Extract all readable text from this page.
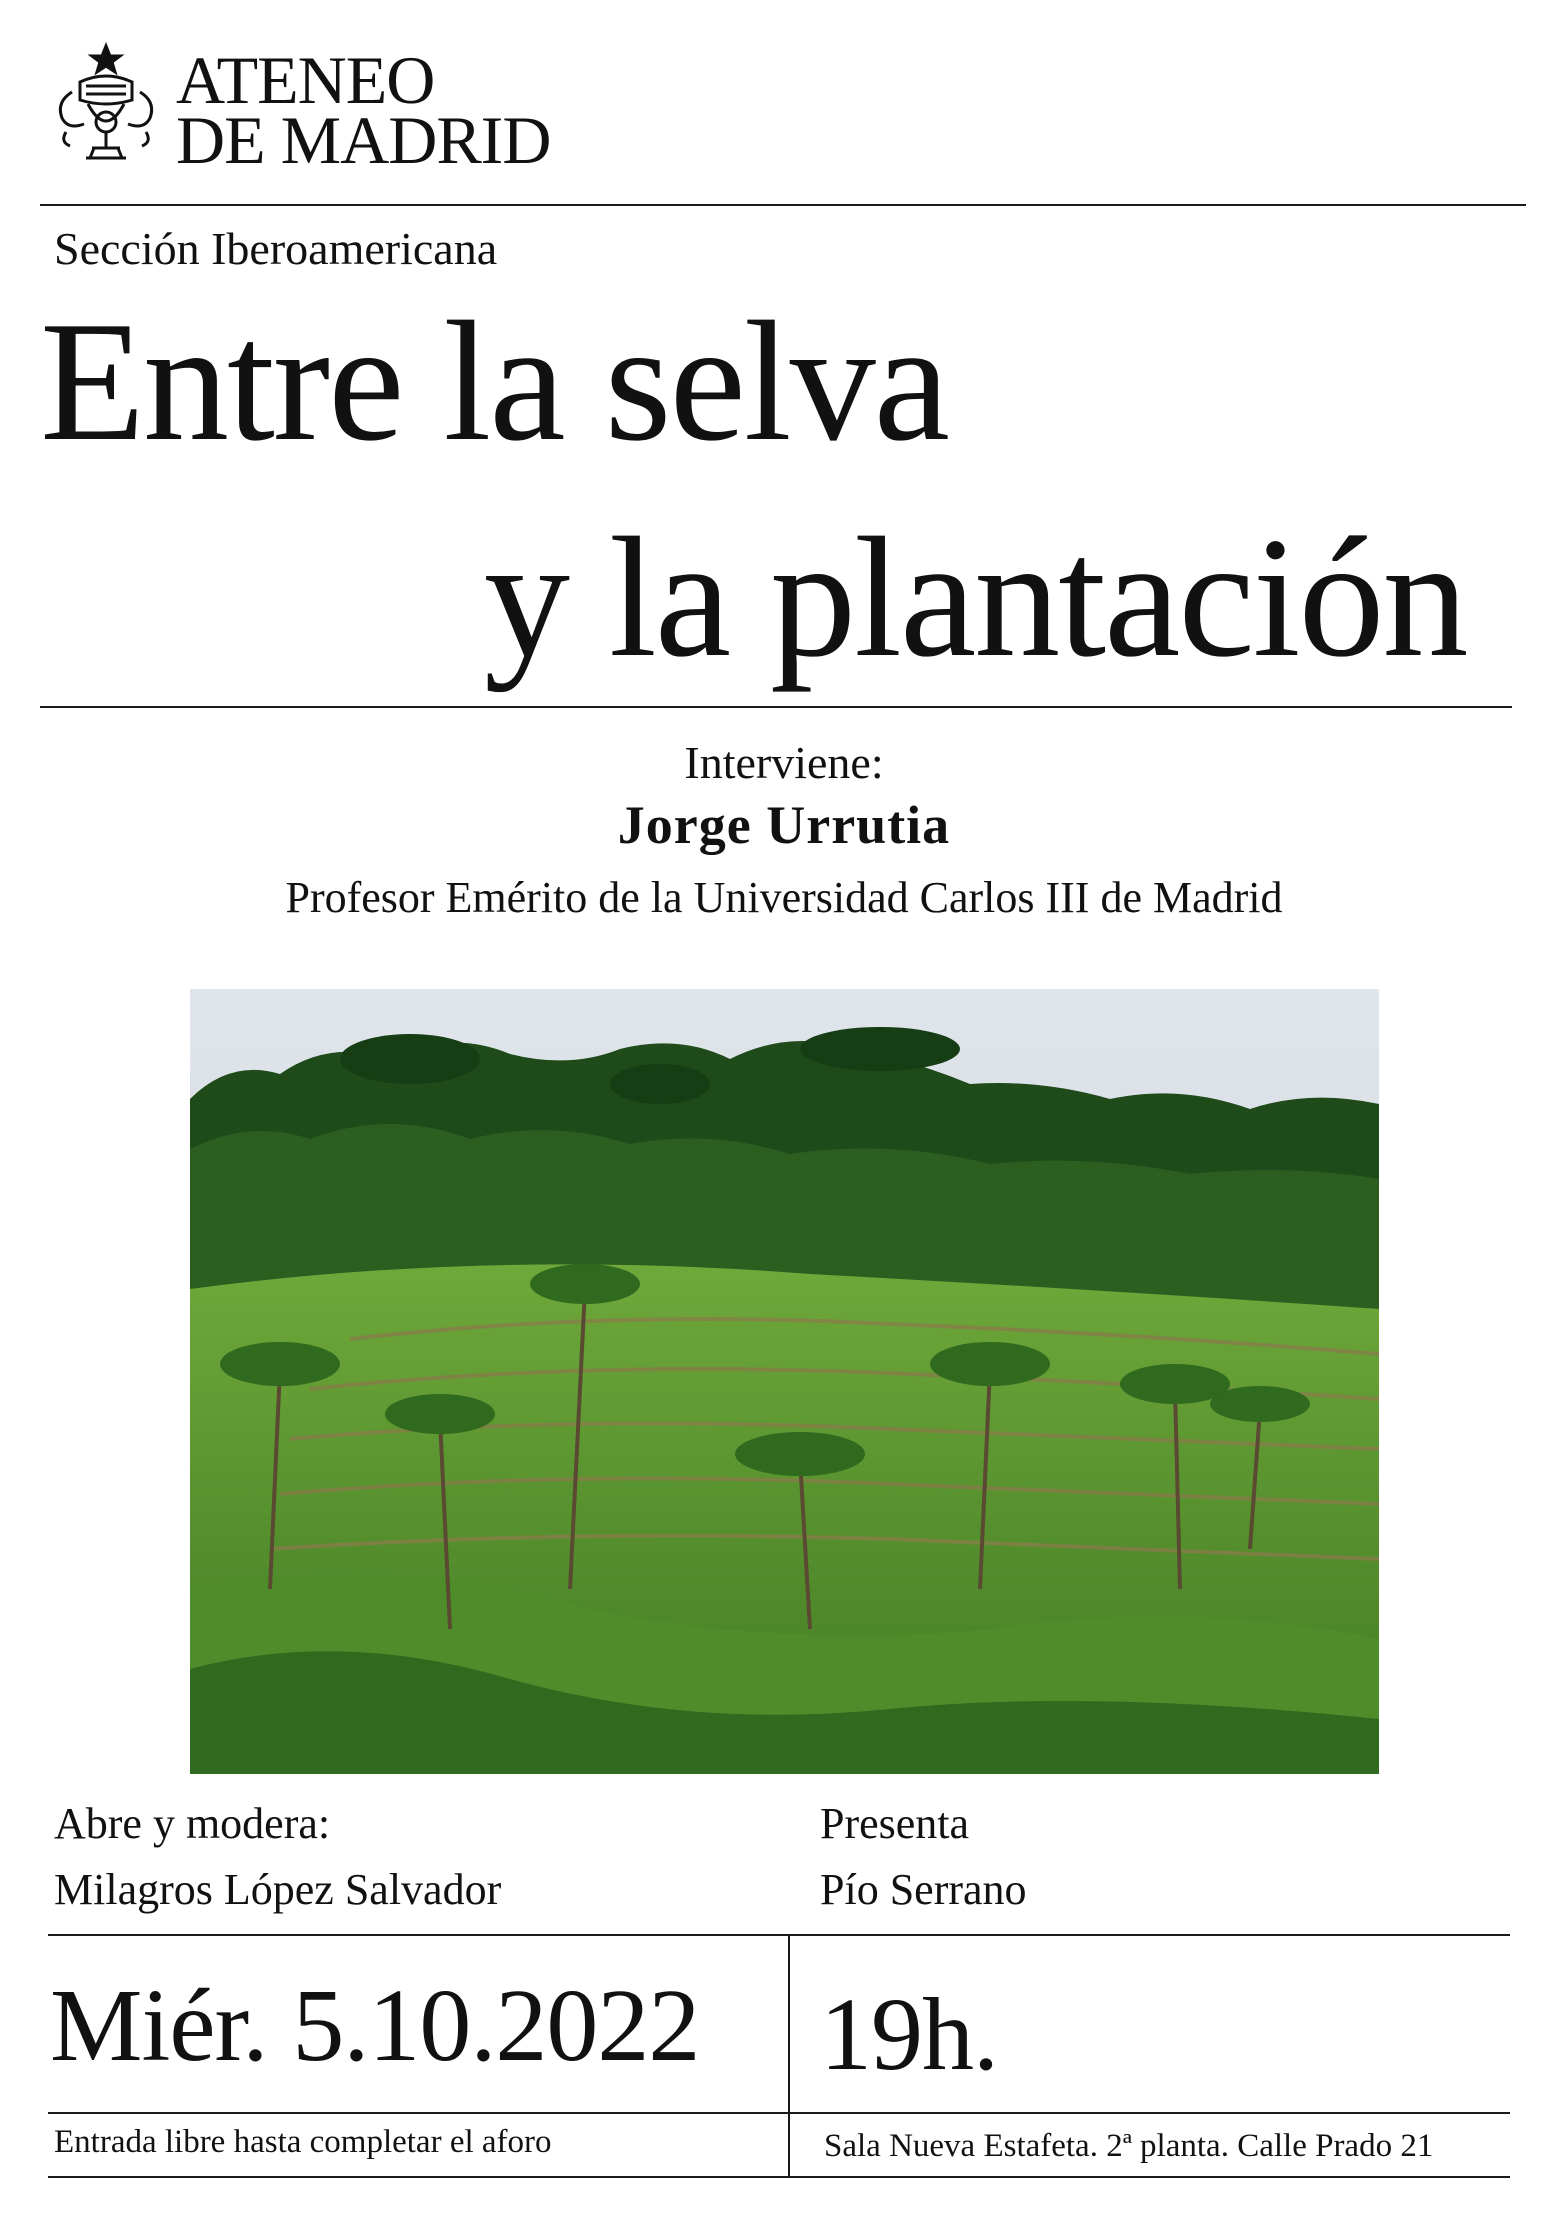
ATENEO
DE MADRID
Sección Iberoamericana
Entre la selva
y la plantación
Interviene:
Jorge Urrutia
Profesor Emérito de la Universidad Carlos III de Madrid
Abre y modera:
Milagros López Salvador
Presenta
Pío Serrano
Miér. 5.10.2022 19h.
Entrada libre hasta completar el aforo	Sala Nueva Estafeta. 2ª planta. Calle Prado 21
